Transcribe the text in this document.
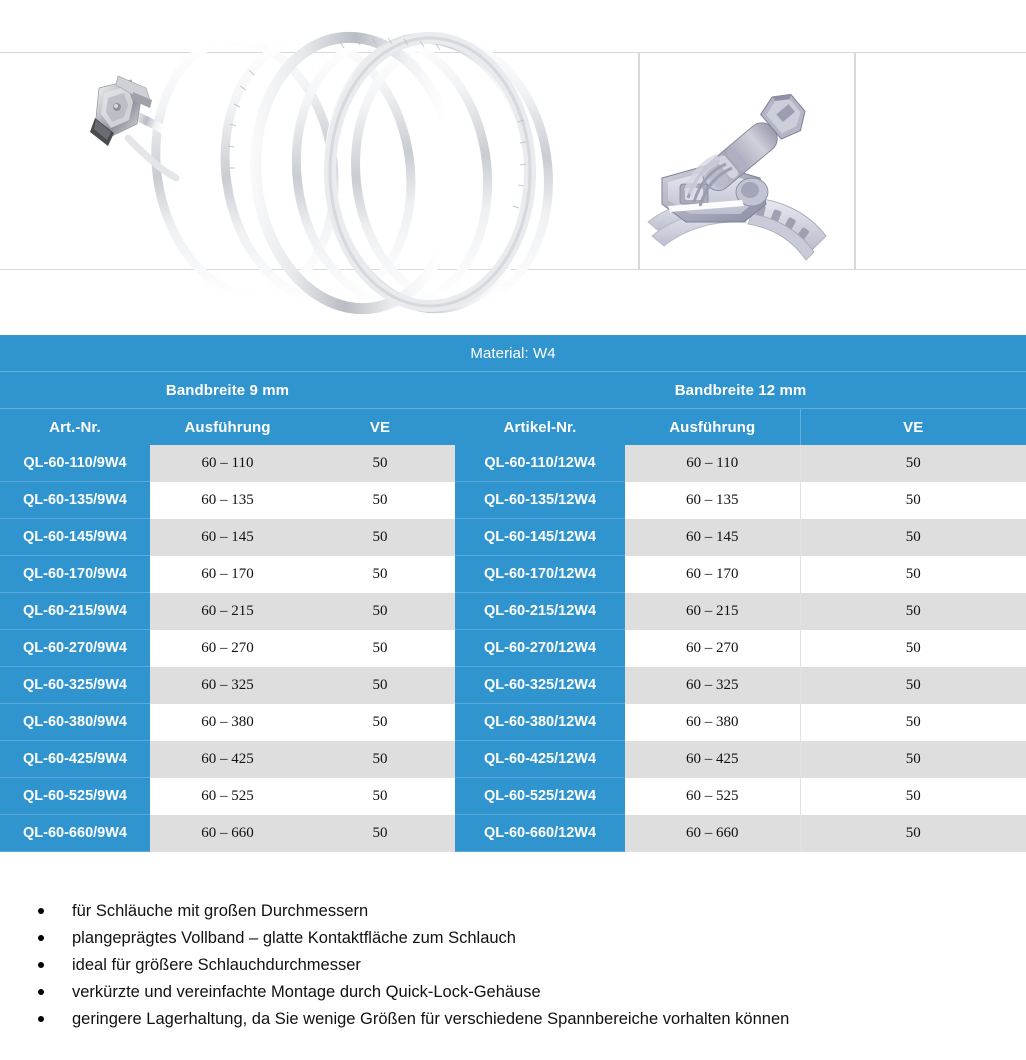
Material: W4					
Bandbreite 9 mm			Bandbreite 12 mm		
Art.-Nr.	Ausführung	VE	Artikel-Nr.	Ausführung	VE
QL-60-110/9W4	60 – 110	50	QL-60-110/12W4	60 – 110	50
QL-60-135/9W4	60 – 135	50	QL-60-135/12W4	60 – 135	50
QL-60-145/9W4	60 – 145	50	QL-60-145/12W4	60 – 145	50
QL-60-170/9W4	60 – 170	50	QL-60-170/12W4	60 – 170	50
QL-60-215/9W4	60 – 215	50	QL-60-215/12W4	60 – 215	50
QL-60-270/9W4	60 – 270	50	QL-60-270/12W4	60 – 270	50
QL-60-325/9W4	60 – 325	50	QL-60-325/12W4	60 – 325	50
QL-60-380/9W4	60 – 380	50	QL-60-380/12W4	60 – 380	50
QL-60-425/9W4	60 – 425	50	QL-60-425/12W4	60 – 425	50
QL-60-525/9W4	60 – 525	50	QL-60-525/12W4	60 – 525	50
QL-60-660/9W4	60 – 660	50	QL-60-660/12W4	60 – 660	50
für Schläuche mit großen Durchmessern
plangeprägtes Vollband – glatte Kontaktfläche zum Schlauch
ideal für größere Schlauchdurchmesser
verkürzte und vereinfachte Montage durch Quick-Lock-Gehäuse
geringere Lagerhaltung, da Sie wenige Größen für verschiedene Spannbereiche vorhalten können
